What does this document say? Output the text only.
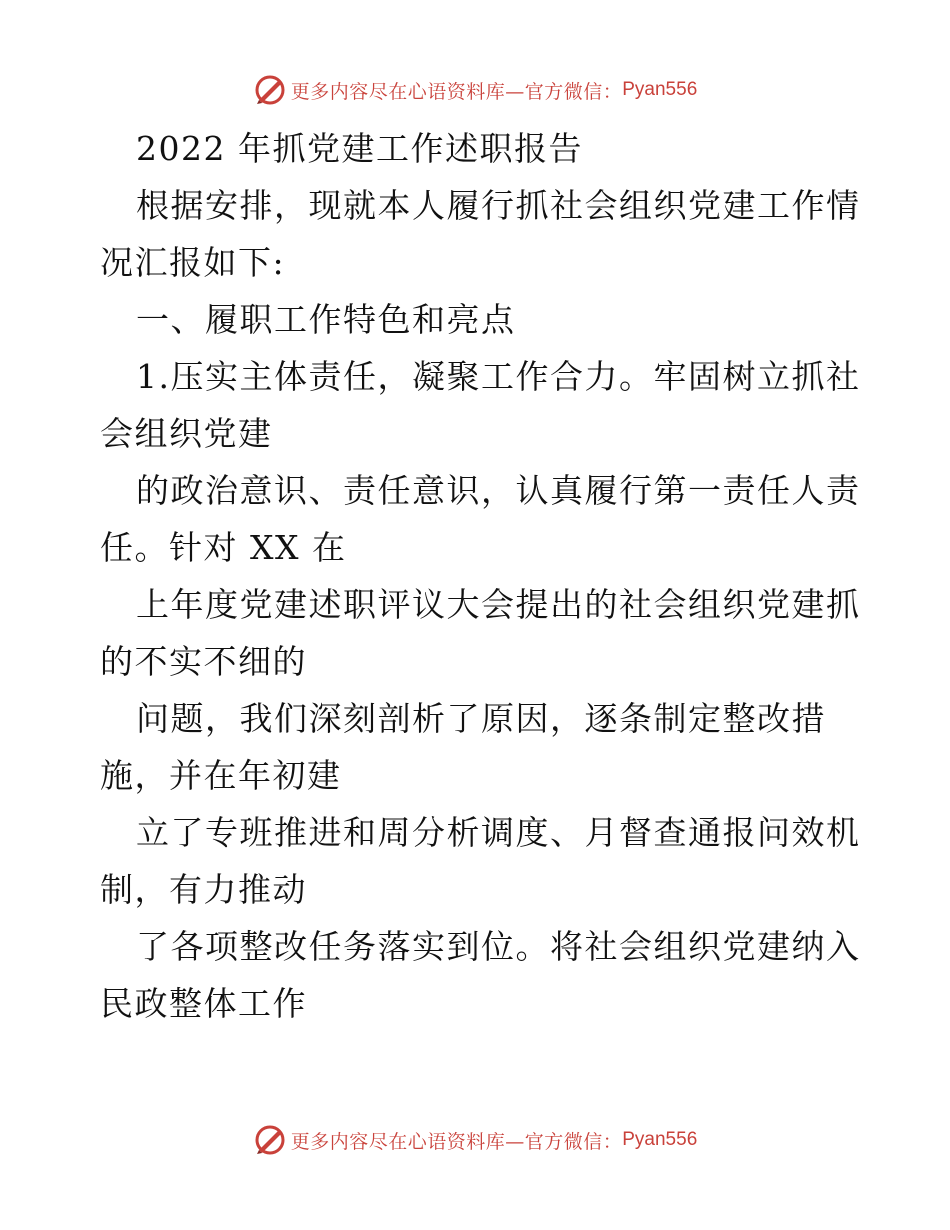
更多内容尽在心语资料库—官方微信： Pyan556
2022 年抓党建工作述职报告
根据安排，现就本人履行抓社会组织党建工作情
况汇报如下:
一、履职工作特色和亮点
1.压实主体责任，凝聚工作合力。牢固树立抓社
会组织党建
的政治意识、责任意识，认真履行第一责任人责
任。针对 XX 在
上年度党建述职评议大会提出的社会组织党建抓
的不实不细的
问题，我们深刻剖析了原因，逐条制定整改措
施，并在年初建
立了专班推进和周分析调度、月督查通报问效机
制，有力推动
了各项整改任务落实到位。将社会组织党建纳入
民政整体工作
更多内容尽在心语资料库—官方微信： Pyan556
